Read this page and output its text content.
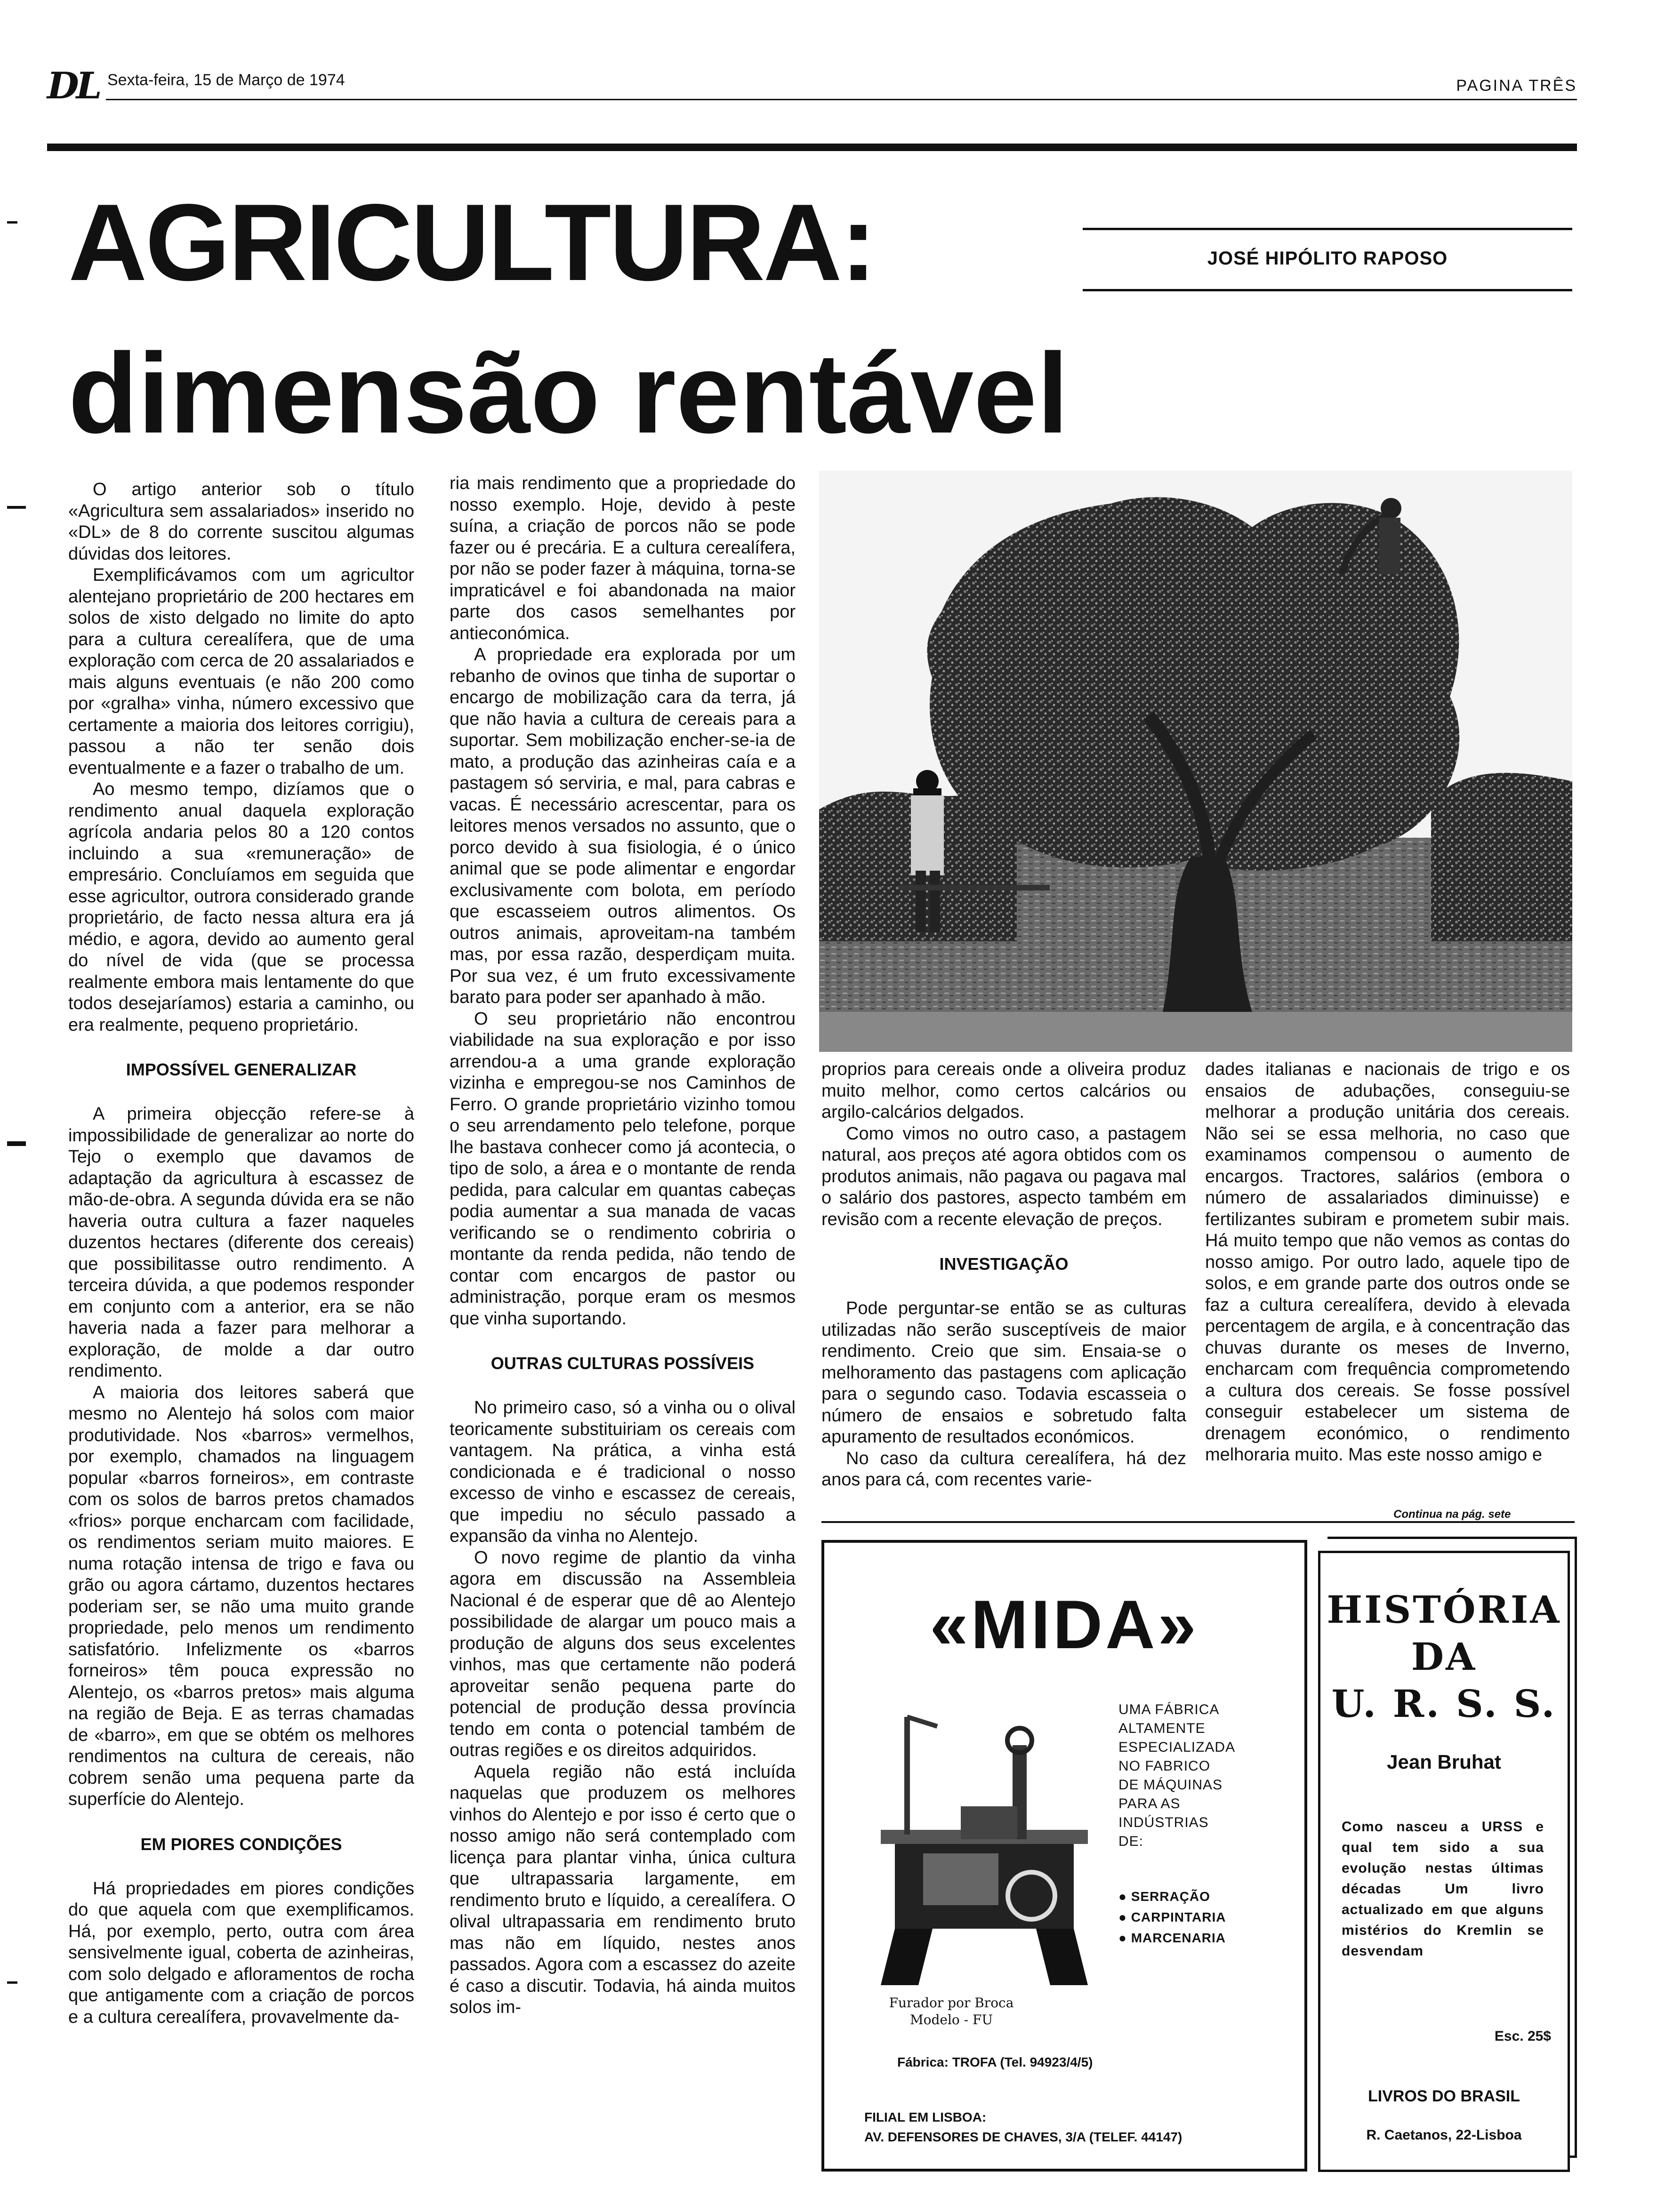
DL Sexta-feira, 15 de Março de 1974	PAGINA TRÊS
AGRICULTURA:
dimensão rentável
JOSÉ HIPÓLITO RAPOSO

O artigo anterior sob o título «Agricultura sem assalariados» inserido no «DL» de 8 do corrente suscitou algumas dúvidas dos leitores.

Exemplificávamos com um agricultor alentejano proprietário de 200 hectares em solos de xisto delgado no limite do apto para a cultura cerealífera, que de uma exploração com cerca de 20 assalariados e mais alguns eventuais (e não 200 como por «gralha» vinha, número excessivo que certamente a maioria dos leitores corrigiu), passou a não ter senão dois eventualmente e a fazer o trabalho de um.

Ao mesmo tempo, dizíamos que o rendimento anual daquela exploração agrícola andaria pelos 80 a 120 contos incluindo a sua «remuneração» de empresário. Concluíamos em seguida que esse agricultor, outrora considerado grande proprietário, de facto nessa altura era já médio, e agora, devido ao aumento geral do nível de vida (que se processa realmente embora mais lentamente do que todos desejaríamos) estaria a caminho, ou era realmente, pequeno proprietário.

IMPOSSÍVEL GENERALIZAR

A primeira objecção refere-se à impossibilidade de generalizar ao norte do Tejo o exemplo que davamos de adaptação da agricultura à escassez de mão-de-obra. A segunda dúvida era se não haveria outra cultura a fazer naqueles duzentos hectares (diferente dos cereais) que possibilitasse outro rendimento. A terceira dúvida, a que podemos responder em conjunto com a anterior, era se não haveria nada a fazer para melhorar a exploração, de molde a dar outro rendimento.

A maioria dos leitores saberá que mesmo no Alentejo há solos com maior produtividade. Nos «barros» vermelhos, por exemplo, chamados na linguagem popular «barros forneiros», em contraste com os solos de barros pretos chamados «frios» porque encharcam com facilidade, os rendimentos seriam muito maiores. E numa rotação intensa de trigo e fava ou grão ou agora cártamo, duzentos hectares poderiam ser, se não uma muito grande propriedade, pelo menos um rendimento satisfatório. Infelizmente os «barros forneiros» têm pouca expressão no Alentejo, os «barros pretos» mais alguma na região de Beja. E as terras chamadas de «barro», em que se obtém os melhores rendimentos na cultura de cereais, não cobrem senão uma pequena parte da superfície do Alentejo.

EM PIORES CONDIÇÕES

Há propriedades em piores condições do que aquela com que exemplificamos. Há, por exemplo, perto, outra com área sensivelmente igual, coberta de azinheiras, com solo delgado e afloramentos de rocha que antigamente com a criação de porcos e a cultura cerealífera, provavelmente da-

ria mais rendimento que a propriedade do nosso exemplo. Hoje, devido à peste suína, a criação de porcos não se pode fazer ou é precária. E a cultura cerealífera, por não se poder fazer à máquina, torna-se impraticável e foi abandonada na maior parte dos casos semelhantes por antieconómica.

A propriedade era explorada por um rebanho de ovinos que tinha de suportar o encargo de mobilização cara da terra, já que não havia a cultura de cereais para a suportar. Sem mobilização encher-se-ia de mato, a produção das azinheiras caía e a pastagem só serviria, e mal, para cabras e vacas. É necessário acrescentar, para os leitores menos versados no assunto, que o porco devido à sua fisiologia, é o único animal que se pode alimentar e engordar exclusivamente com bolota, em período que escasseiem outros alimentos. Os outros animais, aproveitam-na também mas, por essa razão, desperdiçam muita. Por sua vez, é um fruto excessivamente barato para poder ser apanhado à mão.

O seu proprietário não encontrou viabilidade na sua exploração e por isso arrendou-a a uma grande exploração vizinha e empregou-se nos Caminhos de Ferro. O grande proprietário vizinho tomou o seu arrendamento pelo telefone, porque lhe bastava conhecer como já acontecia, o tipo de solo, a área e o montante de renda pedida, para calcular em quantas cabeças podia aumentar a sua manada de vacas verificando se o rendimento cobriria o montante da renda pedida, não tendo de contar com encargos de pastor ou administração, porque eram os mesmos que vinha suportando.

OUTRAS CULTURAS POSSÍVEIS

No primeiro caso, só a vinha ou o olival teoricamente substituiriam os cereais com vantagem. Na prática, a vinha está condicionada e é tradicional o nosso excesso de vinho e escassez de cereais, que impediu no século passado a expansão da vinha no Alentejo.

O novo regime de plantio da vinha agora em discussão na Assembleia Nacional é de esperar que dê ao Alentejo possibilidade de alargar um pouco mais a produção de alguns dos seus excelentes vinhos, mas que certamente não poderá aproveitar senão pequena parte do potencial de produção dessa província tendo em conta o potencial também de outras regiões e os direitos adquiridos.

Aquela região não está incluída naquelas que produzem os melhores vinhos do Alentejo e por isso é certo que o nosso amigo não será contemplado com licença para plantar vinha, única cultura que ultrapassaria largamente, em rendimento bruto e líquido, a cerealífera. O olival ultrapassaria em rendimento bruto mas não em líquido, nestes anos passados. Agora com a escassez do azeite é caso a discutir. Todavia, há ainda muitos solos im-

proprios para cereais onde a oliveira produz muito melhor, como certos calcários ou argilo-calcários delgados.

Como vimos no outro caso, a pastagem natural, aos preços até agora obtidos com os produtos animais, não pagava ou pagava mal o salário dos pastores, aspecto também em revisão com a recente elevação de preços.

INVESTIGAÇÃO

Pode perguntar-se então se as culturas utilizadas não serão susceptíveis de maior rendimento. Creio que sim. Ensaia-se o melhoramento das pastagens com aplicação para o segundo caso. Todavia escasseia o número de ensaios e sobretudo falta apuramento de resultados económicos.

No caso da cultura cerealífera, há dez anos para cá, com recentes varie-

dades italianas e nacionais de trigo e os ensaios de adubações, conseguiu-se melhorar a produção unitária dos cereais. Não sei se essa melhoria, no caso que examinamos compensou o aumento de encargos. Tractores, salários (embora o número de assalariados diminuisse) e fertilizantes subiram e prometem subir mais. Há muito tempo que não vemos as contas do nosso amigo. Por outro lado, aquele tipo de solos, e em grande parte dos outros onde se faz a cultura cerealífera, devido à elevada percentagem de argila, e à concentração das chuvas durante os meses de Inverno, encharcam com frequência comprometendo a cultura dos cereais. Se fosse possível conseguir estabelecer um sistema de drenagem económico, o rendimento melhoraria muito. Mas este nosso amigo e

Continua na pág. sete
«MIDA»
UMA FÁBRICA
ALTAMENTE
ESPECIALIZADA
NO FABRICO
DE MÁQUINAS
PARA AS
INDÚSTRIAS
DE:
● SERRAÇÃO
● CARPINTARIA
● MARCENARIA
Furador por Broca
Modelo - FU
Fábrica: TROFA (Tel. 94923/4/5)
FILIAL EM LISBOA:
AV. DEFENSORES DE CHAVES, 3/A (TELEF. 44147)
HISTÓRIA
DA
U. R. S. S.
Jean Bruhat
Como nasceu a URSS e qual tem sido a sua evolução nestas últimas décadas Um livro actualizado em que alguns mistérios do Kremlin se desvendam
Esc. 25$
LIVROS DO BRASIL
R. Caetanos, 22-Lisboa
